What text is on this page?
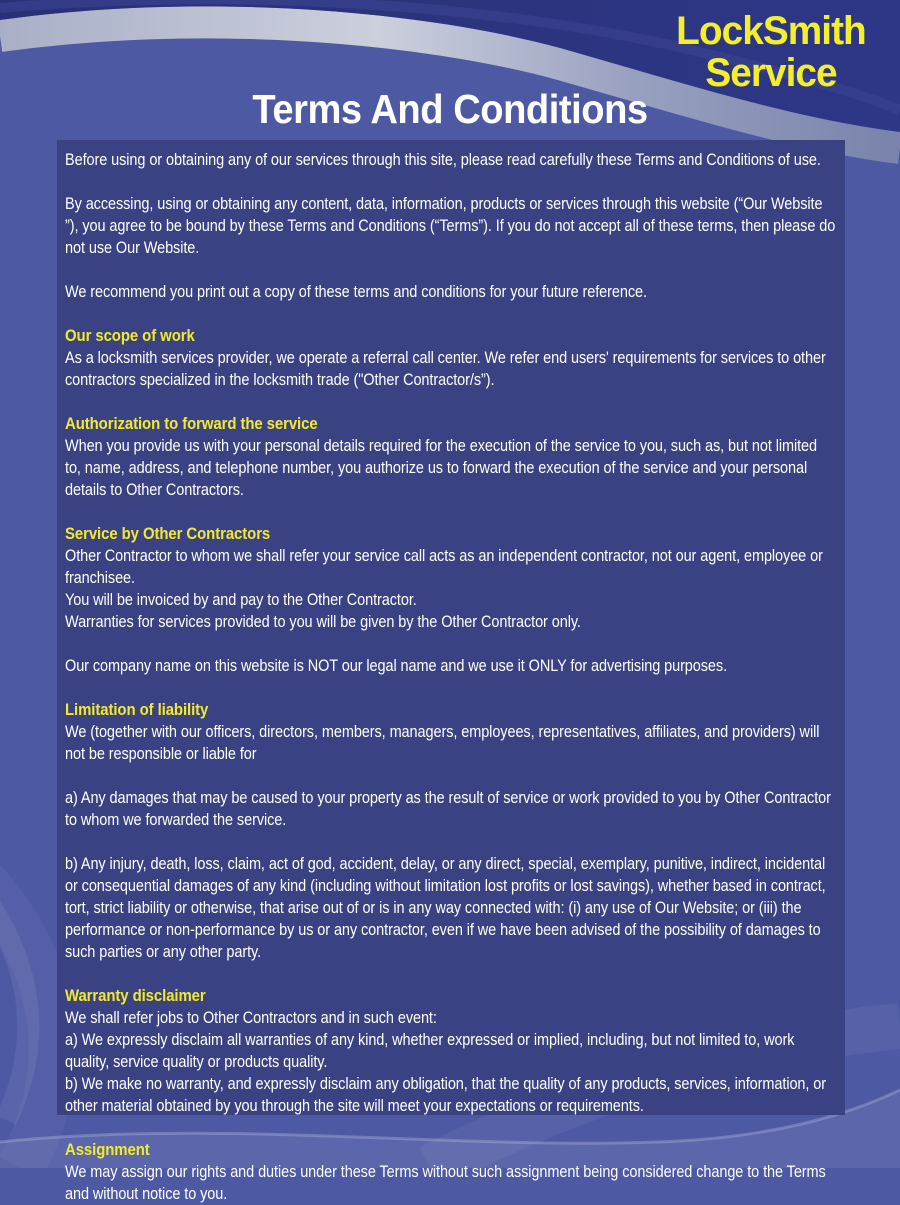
LockSmith
Service
Terms And Conditions
Before using or obtaining any of our services through this site, please read carefully these Terms and Conditions of use.
By accessing, using or obtaining any content, data, information, products or services through this website (“Our Website ”), you agree to be bound by these Terms and Conditions (“Terms”). If you do not accept all of these terms, then please do not use Our Website.
We recommend you print out a copy of these terms and conditions for your future reference.
Our scope of work
As a locksmith services provider, we operate a referral call center. We refer end users' requirements for services to other contractors specialized in the locksmith trade ("Other Contractor/s”).
Authorization to forward the service
When you provide us with your personal details required for the execution of the service to you, such as, but not limited to, name, address, and telephone number, you authorize us to forward the execution of the service and your personal details to Other Contractors.
Service by Other Contractors
Other Contractor to whom we shall refer your service call acts as an independent contractor, not our agent, employee or franchisee.
You will be invoiced by and pay to the Other Contractor.
Warranties for services provided to you will be given by the Other Contractor only.
Our company name on this website is NOT our legal name and we use it ONLY for advertising purposes.
Limitation of liability
We (together with our officers, directors, members, managers, employees, representatives, affiliates, and providers) will not be responsible or liable for
a) Any damages that may be caused to your property as the result of service or work provided to you by Other Contractor to whom we forwarded the service.
b) Any injury, death, loss, claim, act of god, accident, delay, or any direct, special, exemplary, punitive, indirect, incidental or consequential damages of any kind (including without limitation lost profits or lost savings), whether based in contract, tort, strict liability or otherwise, that arise out of or is in any way connected with: (i) any use of Our Website; or (iii) the performance or non-performance by us or any contractor, even if we have been advised of the possibility of damages to such parties or any other party.
Warranty disclaimer
We shall refer jobs to Other Contractors and in such event:
a) We expressly disclaim all warranties of any kind, whether expressed or implied, including, but not limited to, work quality, service quality or products quality.
b) We make no warranty, and expressly disclaim any obligation, that the quality of any products, services, information, or other material obtained by you through the site will meet your expectations or requirements.
Assignment
We may assign our rights and duties under these Terms without such assignment being considered change to the Terms and without notice to you.
